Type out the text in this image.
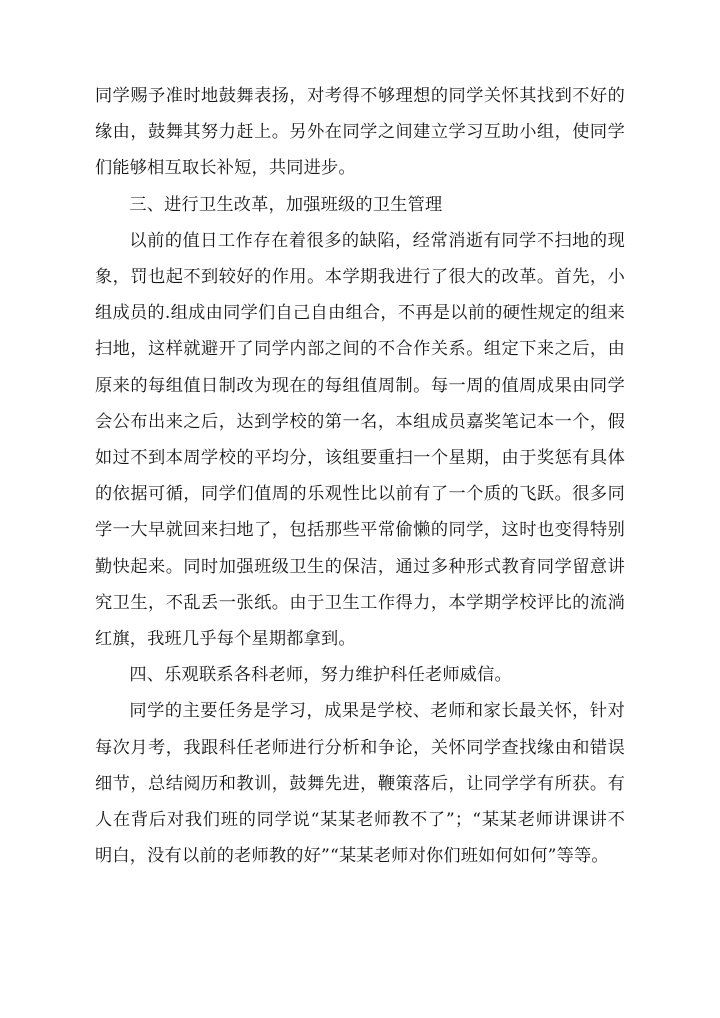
同学赐予准时地鼓舞表扬，对考得不够理想的同学关怀其找到不好的缘由，鼓舞其努力赶上。另外在同学之间建立学习互助小组，使同学们能够相互取长补短，共同进步。

三、进行卫生改革，加强班级的卫生管理

以前的值日工作存在着很多的缺陷，经常消逝有同学不扫地的现象，罚也起不到较好的作用。本学期我进行了很大的改革。首先，小组成员的.组成由同学们自己自由组合，不再是以前的硬性规定的组来扫地，这样就避开了同学内部之间的不合作关系。组定下来之后，由原来的每组值日制改为现在的每组值周制。每一周的值周成果由同学会公布出来之后，达到学校的第一名，本组成员嘉奖笔记本一个，假如过不到本周学校的平均分，该组要重扫一个星期，由于奖惩有具体的依据可循，同学们值周的乐观性比以前有了一个质的飞跃。很多同学一大早就回来扫地了，包括那些平常偷懒的同学，这时也变得特别勤快起来。同时加强班级卫生的保洁，通过多种形式教育同学留意讲究卫生，不乱丢一张纸。由于卫生工作得力，本学期学校评比的流淌红旗，我班几乎每个星期都拿到。

四、乐观联系各科老师，努力维护科任老师威信。

同学的主要任务是学习，成果是学校、老师和家长最关怀，针对每次月考，我跟科任老师进行分析和争论，关怀同学查找缘由和错误细节，总结阅历和教训，鼓舞先进，鞭策落后，让同学学有所获。有人在背后对我们班的同学说“某某老师教不了”；“某某老师讲课讲不明白，没有以前的老师教的好”“某某老师对你们班如何如何”等等。
